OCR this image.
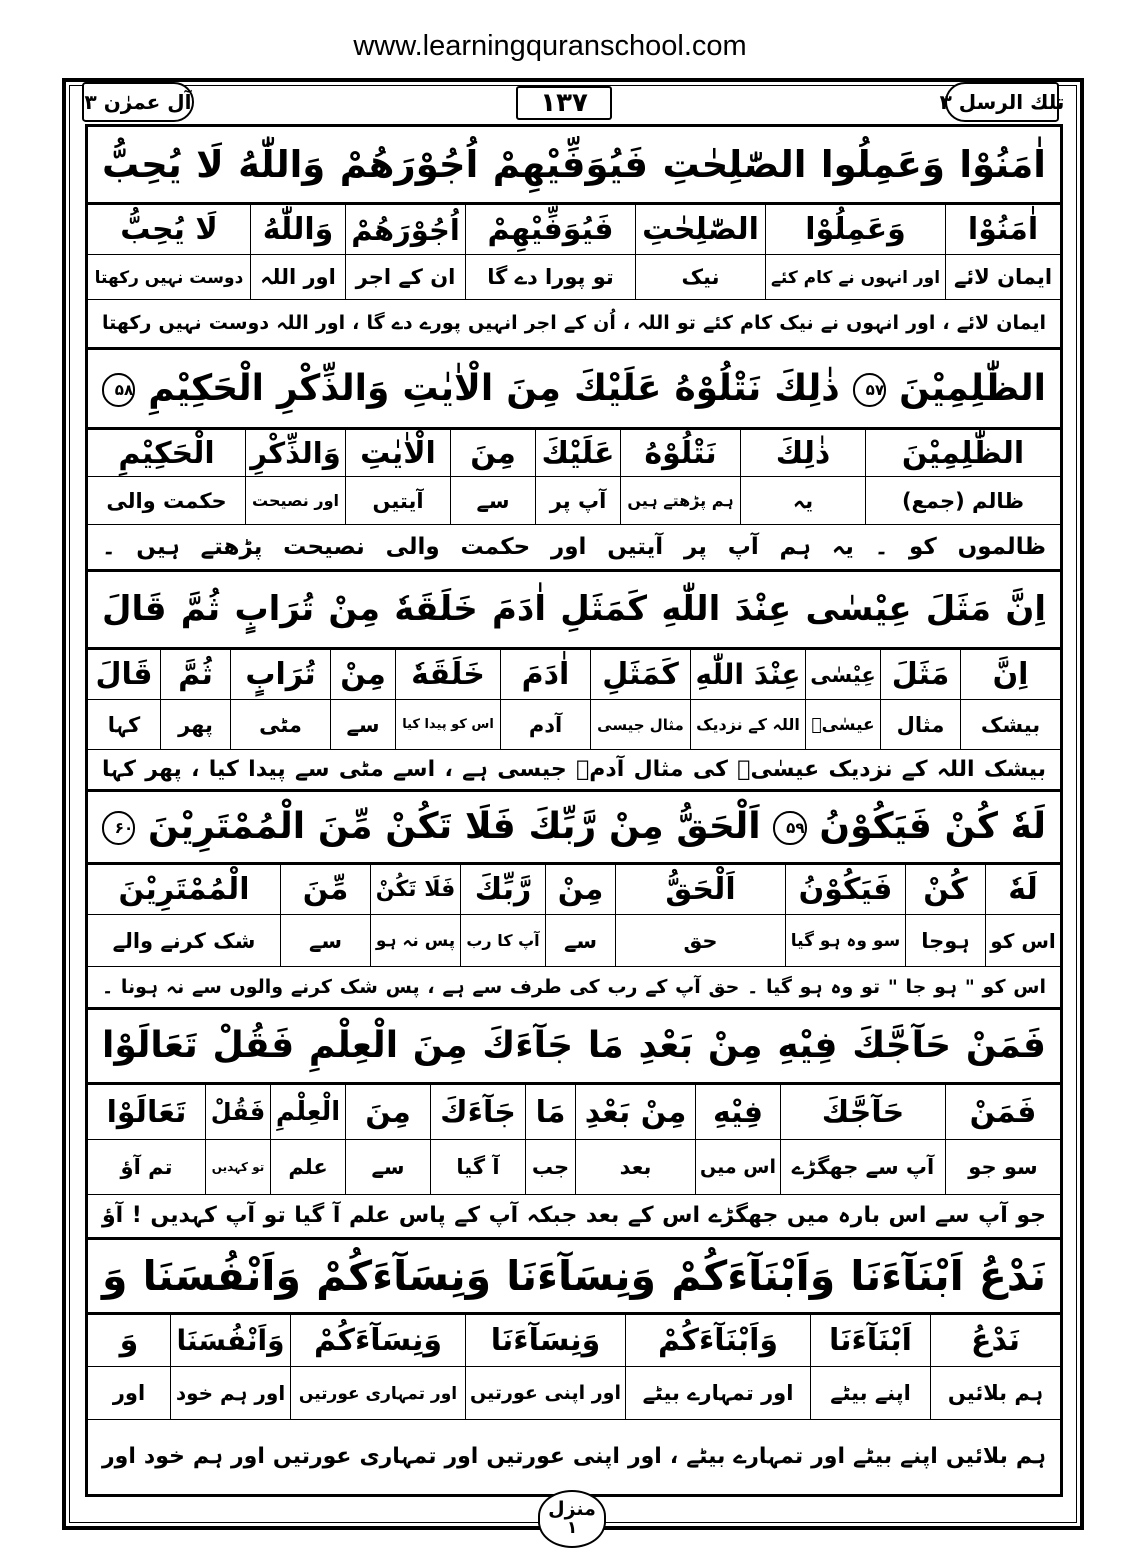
www.learningquranschool.com
آل عمرٰن ۳	۱۳۷	تلك الرسل ۳
اٰمَنُوْا وَعَمِلُوا الصّٰلِحٰتِ فَيُوَفِّيْهِمْ اُجُوْرَهُمْ وَاللّٰهُ لَا يُحِبُّ
اٰمَنُوْا
وَعَمِلُوْا
الصّٰلِحٰتِ
فَيُوَفِّيْهِمْ
اُجُوْرَهُمْ
وَاللّٰهُ
لَا يُحِبُّ
ایمان لائے
اور انہوں نے کام کئے
نیک
تو پورا دے گا
ان کے اجر
اور اللہ
دوست نہیں رکھتا
ایمان لائے ، اور انہوں نے نیک کام کئے تو اللہ ، اُن کے اجر انہیں پورے دے گا ، اور اللہ دوست نہیں رکھتا
الظّٰلِمِيْنَ ۵۷ ذٰلِكَ نَتْلُوْهُ عَلَيْكَ مِنَ الْاٰيٰتِ وَالذِّكْرِ الْحَكِيْمِ ۵۸
الظّٰلِمِيْنَ
ذٰلِكَ
نَتْلُوْهُ
عَلَيْكَ
مِنَ
الْاٰيٰتِ
وَالذِّكْرِ
الْحَكِيْمِ
ظالم (جمع)
یہ
ہم پڑھتے ہیں
آپ پر
سے
آیتیں
اور نصیحت
حکمت والی
ظالموں کو ۔ یہ ہم آپ پر آیتیں اور حکمت والی نصیحت پڑھتے ہیں ۔
اِنَّ مَثَلَ عِيْسٰى عِنْدَ اللّٰهِ كَمَثَلِ اٰدَمَ خَلَقَهٗ مِنْ تُرَابٍ ثُمَّ قَالَ
اِنَّ
مَثَلَ
عِيْسٰى
عِنْدَ اللّٰهِ
كَمَثَلِ
اٰدَمَ
خَلَقَهٗ
مِنْ
تُرَابٍ
ثُمَّ
قَالَ
بیشک
مثال
عیسٰیؑ
اللہ کے نزدیک
مثال جیسی
آدم
اس کو پیدا کیا
سے
مٹی
پھر
کہا
بیشک اللہ کے نزدیک عیسٰیؑ کی مثال آدمؑ جیسی ہے ، اسے مٹی سے پیدا کیا ، پھر کہا
لَهٗ كُنْ فَيَكُوْنُ ۵۹ اَلْحَقُّ مِنْ رَّبِّكَ فَلَا تَكُنْ مِّنَ الْمُمْتَرِيْنَ ۶۰
لَهٗ
كُنْ
فَيَكُوْنُ
اَلْحَقُّ
مِنْ
رَّبِّكَ
فَلَا تَكُنْ
مِّنَ
الْمُمْتَرِيْنَ
اس کو
ہوجا
سو وہ ہو گیا
حق
سے
آپ کا رب
پس نہ ہو
سے
شک کرنے والے
اس کو " ہو جا " تو وہ ہو گیا ۔ حق آپ کے رب کی طرف سے ہے ، پس شک کرنے والوں سے نہ ہونا ۔
فَمَنْ حَآجَّكَ فِيْهِ مِنْ بَعْدِ مَا جَآءَكَ مِنَ الْعِلْمِ فَقُلْ تَعَالَوْا
فَمَنْ
حَآجَّكَ
فِيْهِ
مِنْ بَعْدِ
مَا
جَآءَكَ
مِنَ
الْعِلْمِ
فَقُلْ
تَعَالَوْا
سو جو
آپ سے جھگڑے
اس میں
بعد
جب
آ گیا
سے
علم
تو کہدیں
تم آؤ
جو آپ سے اس بارہ میں جھگڑے اس کے بعد جبکہ آپ کے پاس علم آ گیا تو آپ کہدیں ! آؤ
نَدْعُ اَبْنَآءَنَا وَاَبْنَآءَكُمْ وَنِسَآءَنَا وَنِسَآءَكُمْ وَاَنْفُسَنَا وَ
نَدْعُ
اَبْنَآءَنَا
وَاَبْنَآءَكُمْ
وَنِسَآءَنَا
وَنِسَآءَكُمْ
وَاَنْفُسَنَا
وَ
ہم بلائیں
اپنے بیٹے
اور تمہارے بیٹے
اور اپنی عورتیں
اور تمہاری عورتیں
اور ہم خود
اور
ہم بلائیں اپنے بیٹے اور تمہارے بیٹے ، اور اپنی عورتیں اور تمہاری عورتیں اور ہم خود اور
منزل
۱
